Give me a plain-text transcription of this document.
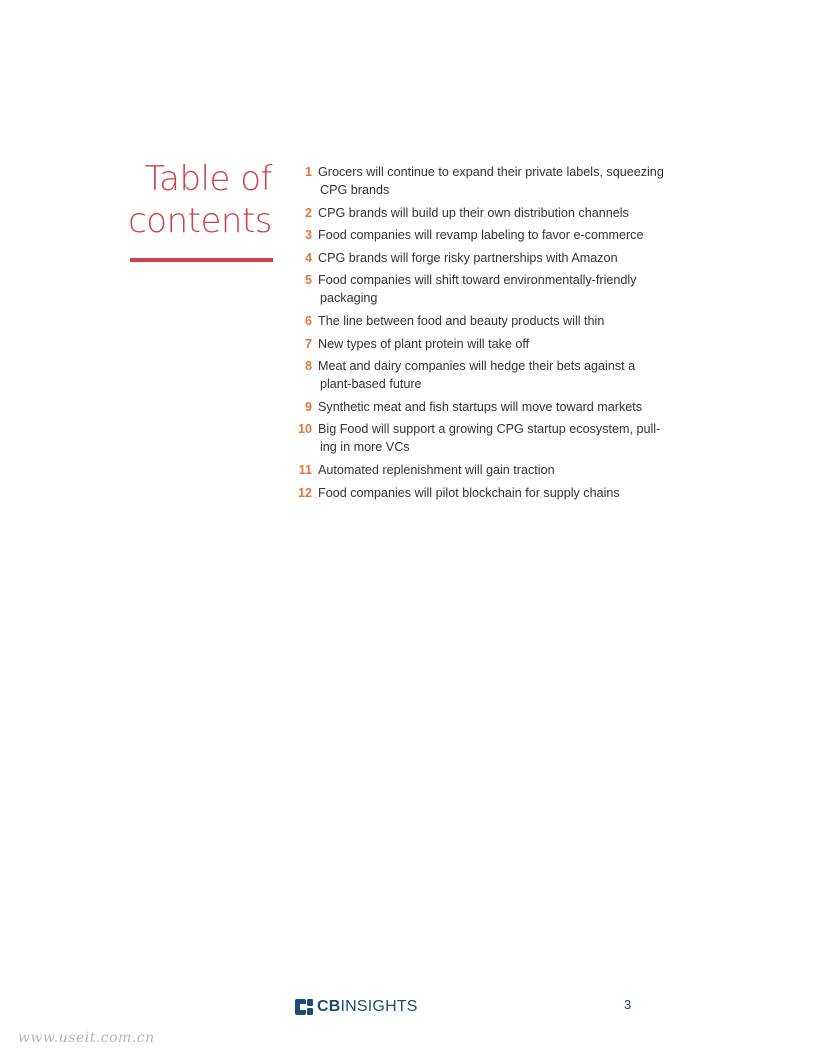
Table of
contents
1 Grocers will continue to expand their private labels, squeezing
CPG brands
2 CPG brands will build up their own distribution channels
3 Food companies will revamp labeling to favor e-commerce
4 CPG brands will forge risky partnerships with Amazon
5 Food companies will shift toward environmentally-friendly
packaging
6 The line between food and beauty products will thin
7 New types of plant protein will take off
8 Meat and dairy companies will hedge their bets against a
plant-based future
9 Synthetic meat and fish startups will move toward markets
10 Big Food will support a growing CPG startup ecosystem, pull-
ing in more VCs
11 Automated replenishment will gain traction
12 Food companies will pilot blockchain for supply chains
CBINSIGHTS	3
www.useit.com.cn
